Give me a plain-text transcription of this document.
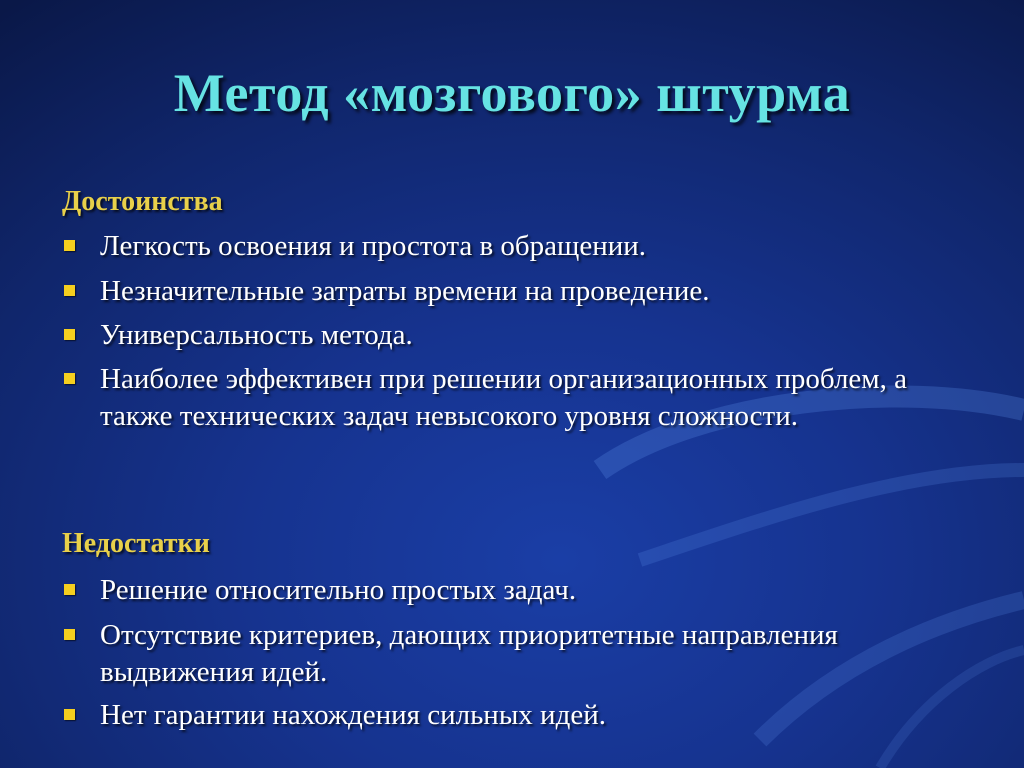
Метод «мозгового» штурма
Достоинства
Легкость освоения и простота в обращении.
Незначительные затраты времени на проведение.
Универсальность метода.
Наиболее эффективен при решении организационных проблем, а также технических задач невысокого уровня сложности.
Недостатки
Решение относительно простых задач.
Отсутствие критериев, дающих приоритетные направления выдвижения идей.
Нет гарантии нахождения сильных идей.
